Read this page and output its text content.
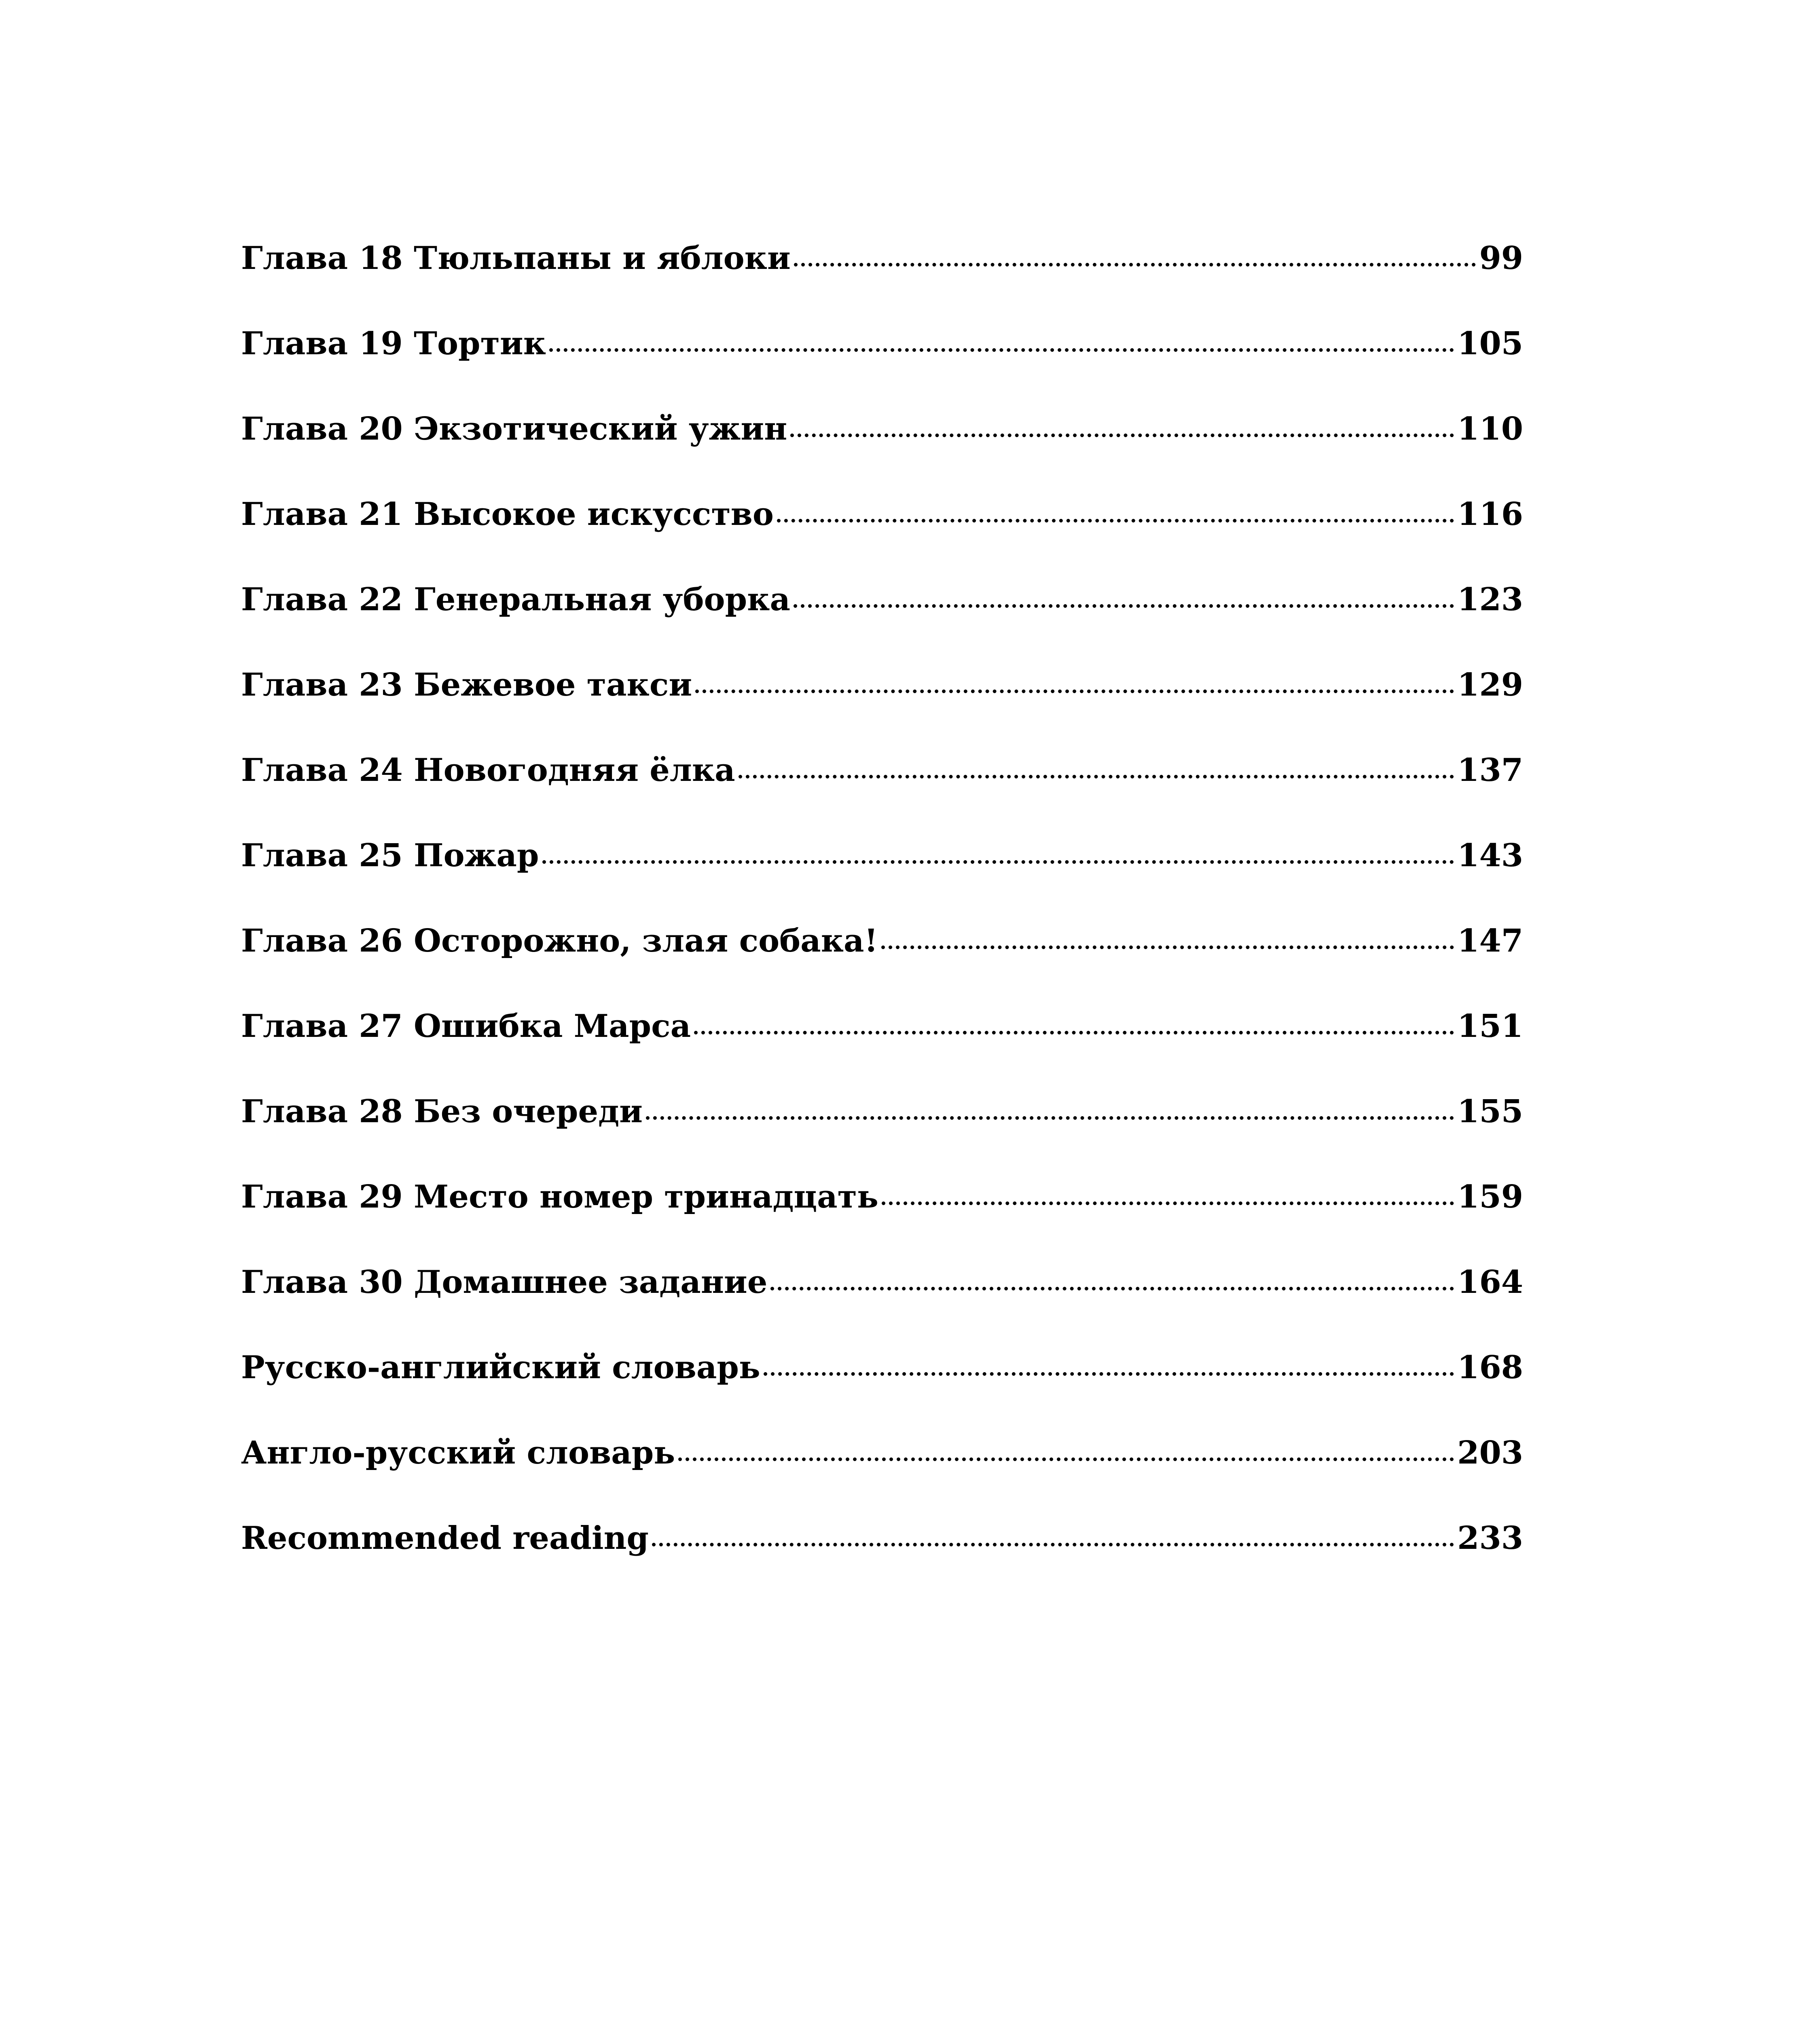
Глава 18 Тюльпаны и яблоки	99
Глава 19 Тортик	105
Глава 20 Экзотический ужин	110
Глава 21 Высокое искусство	116
Глава 22 Генеральная уборка	123
Глава 23 Бежевое такси	129
Глава 24 Новогодняя ёлка	137
Глава 25 Пожар	143
Глава 26 Осторожно, злая собака!	147
Глава 27 Ошибка Марса	151
Глава 28 Без очереди	155
Глава 29 Место номер тринадцать	159
Глава 30 Домашнее задание	164
Русско-английский словарь	168
Англо-русский словарь	203
Recommended reading	233
